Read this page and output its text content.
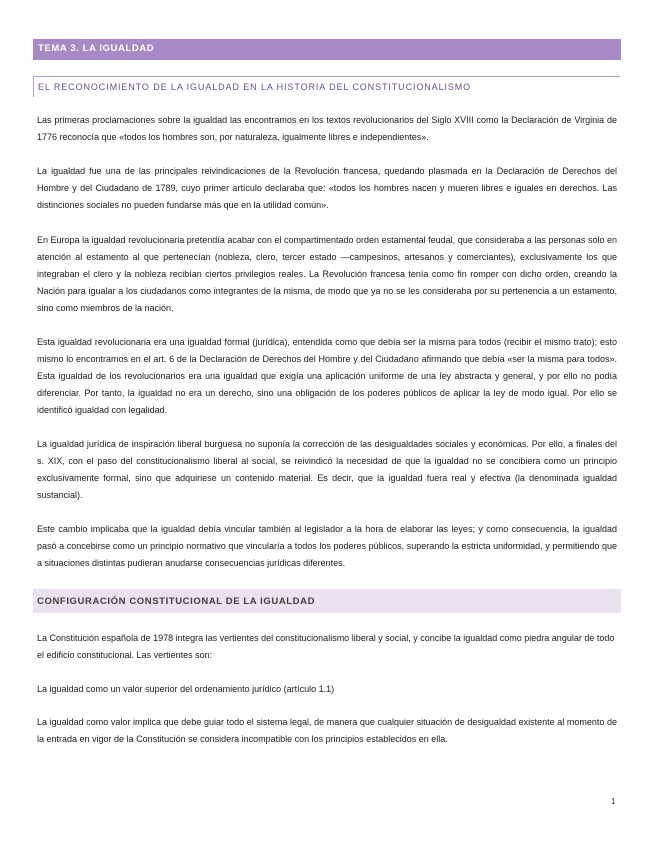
TEMA 3. LA IGUALDAD
EL RECONOCIMIENTO DE LA IGUALDAD EN LA HISTORIA DEL CONSTITUCIONALISMO

Las primeras proclamaciones sobre la igualdad las encontramos en los textos revolucionarios del Siglo XVIII como la Declaración de Virginia de 1776 reconocía que «todos los hombres son, por naturaleza, igualmente libres e independientes».

La igualdad fue una de las principales reivindicaciones de la Revolución francesa, quedando plasmada en la Declaración de Derechos del Hombre y del Ciudadano de 1789, cuyo primer artículo declaraba que: «todos los hombres nacen y mueren libres e iguales en derechos. Las distinciones sociales no pueden fundarse más que en la utilidad común».

En Europa la igualdad revolucionaria pretendía acabar con el compartimentado orden estamental feudal, que consideraba a las personas sólo en atención al estamento al que pertenecían (nobleza, clero, tercer estado —campesinos, artesanos y comerciantes), exclusivamente los que integraban el clero y la nobleza recibían ciertos privilegios reales. La Revolución francesa tenía como fin romper con dicho orden, creando la Nación para igualar a los ciudadanos como integrantes de la misma, de modo que ya no se les consideraba por su pertenencia a un estamento, sino como miembros de la nación.

Esta igualdad revolucionaria era una igualdad formal (jurídica), entendida como que debía ser la misma para todos (recibir el mismo trato); esto mismo lo encontramos en el art. 6 de la Declaración de Derechos del Hombre y del Ciudadano afirmando que debía «ser la misma para todos». Esta igualdad de los revolucionarios era una igualdad que exigía una aplicación uniforme de una ley abstracta y general, y por ello no podía diferenciar. Por tanto, la igualdad no era un derecho, sino una obligación de los poderes públicos de aplicar la ley de modo igual. Por ello se identificó igualdad con legalidad.

La igualdad jurídica de inspiración liberal burguesa no suponía la corrección de las desigualdades sociales y económicas. Por ello, a finales del s. XIX, con el paso del constitucionalismo liberal al social, se reivindicó la necesidad de que la igualdad no se concibiera como un principio exclusivamente formal, sino que adquiriese un contenido material. Es decir, que la igualdad fuera real y efectiva (la denominada igualdad sustancial).

Este cambio implicaba que la igualdad debía vincular también al legislador a la hora de elaborar las leyes; y como consecuencia, la igualdad pasó a concebirse como un principio normativo que vincularía a todos los poderes públicos, superando la estricta uniformidad, y permitiendo que a situaciones distintas pudieran anudarse consecuencias jurídicas diferentes.

CONFIGURACIÓN CONSTITUCIONAL DE LA IGUALDAD

La Constitución española de 1978 integra las vertientes del constitucionalismo liberal y social, y concibe la igualdad como piedra angular de todo el edificio constitucional. Las vertientes son:

La igualdad como un valor superior del ordenamiento jurídico (artículo 1.1)

La igualdad como valor implica que debe guiar todo el sistema legal, de manera que cualquier situación de desigualdad existente al momento de la entrada en vigor de la Constitución se considera incompatible con los principios establecidos en ella.

1
